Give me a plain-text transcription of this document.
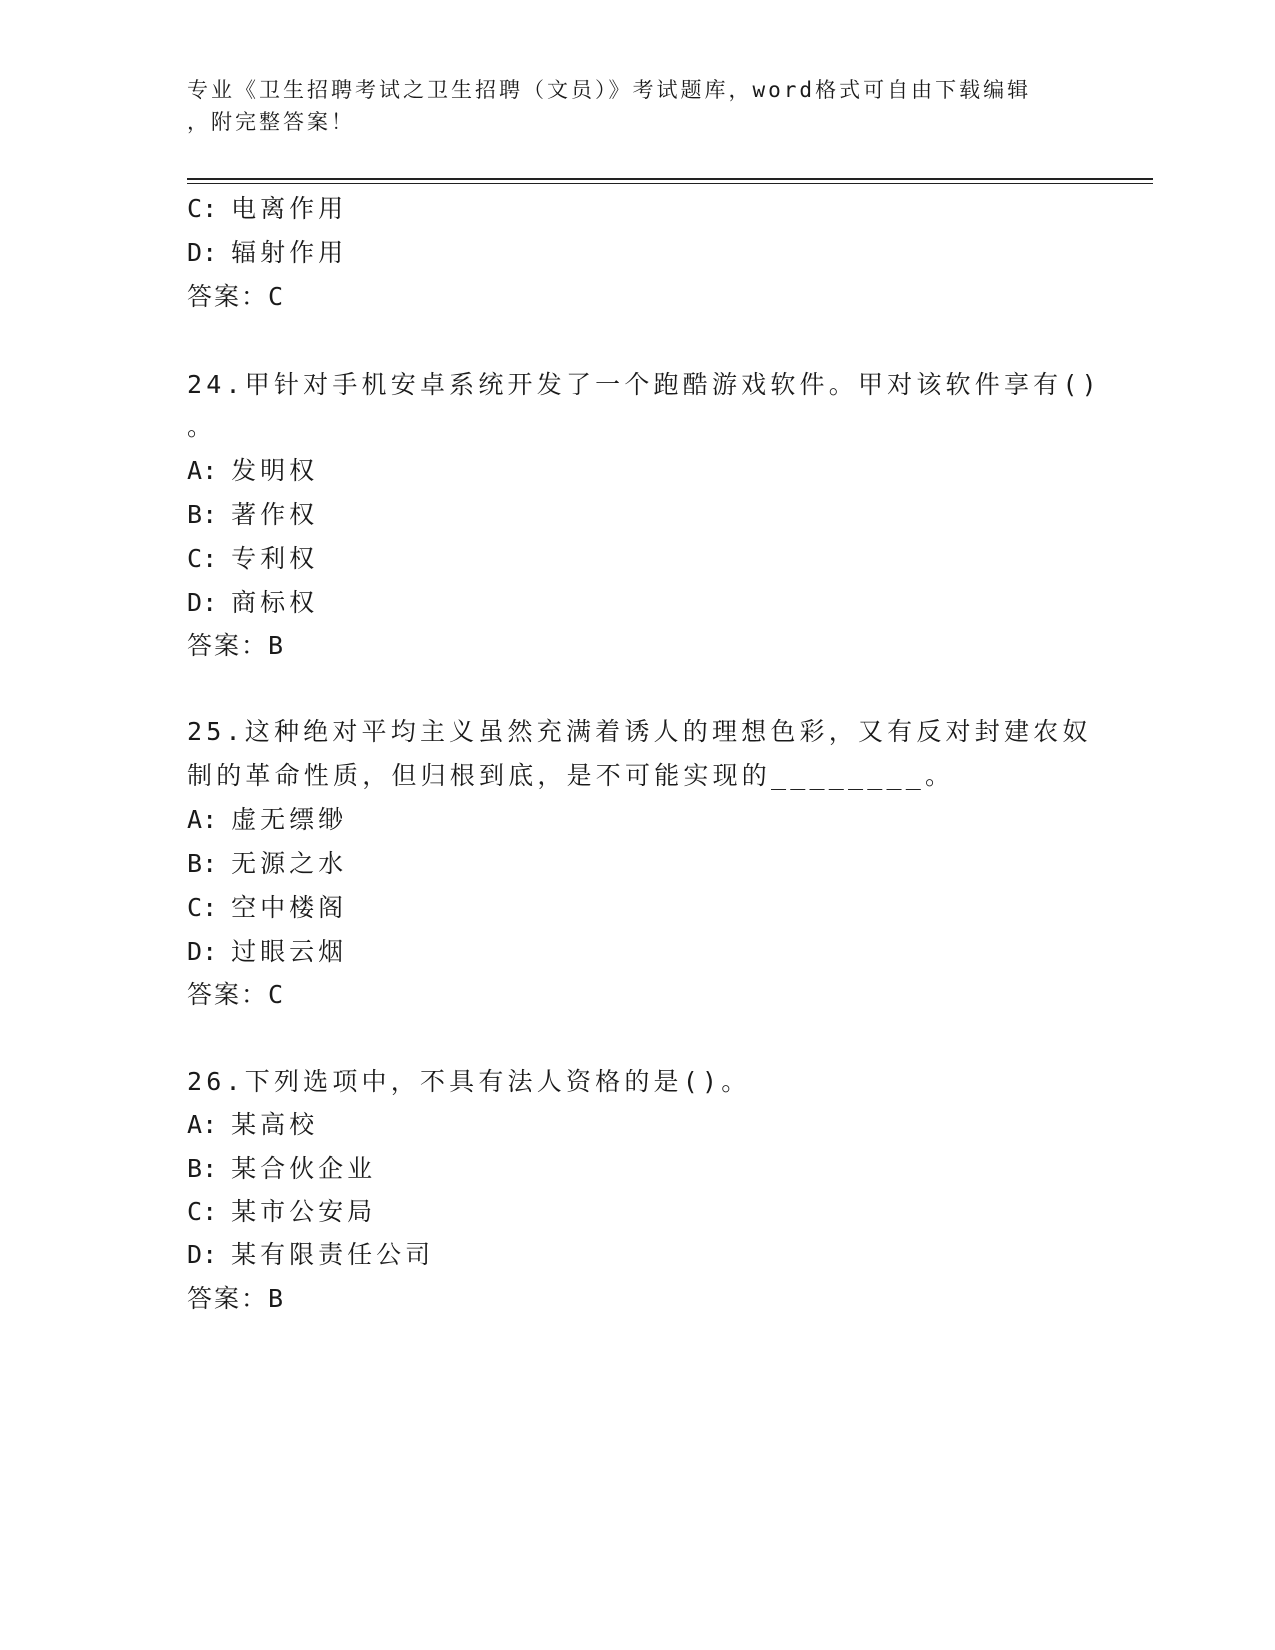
专业《卫生招聘考试之卫生招聘（文员）》考试题库，word格式可自由下载编辑
，附完整答案！
C: 电离作用
D: 辐射作用
答案：C
24.甲针对手机安卓系统开发了一个跑酷游戏软件。甲对该软件享有()
。
A: 发明权
B: 著作权
C: 专利权
D: 商标权
答案：B
25.这种绝对平均主义虽然充满着诱人的理想色彩，又有反对封建农奴
制的革命性质，但归根到底，是不可能实现的________。
A: 虚无缥缈
B: 无源之水
C: 空中楼阁
D: 过眼云烟
答案：C
26.下列选项中，不具有法人资格的是()。
A: 某高校
B: 某合伙企业
C: 某市公安局
D: 某有限责任公司
答案：B
